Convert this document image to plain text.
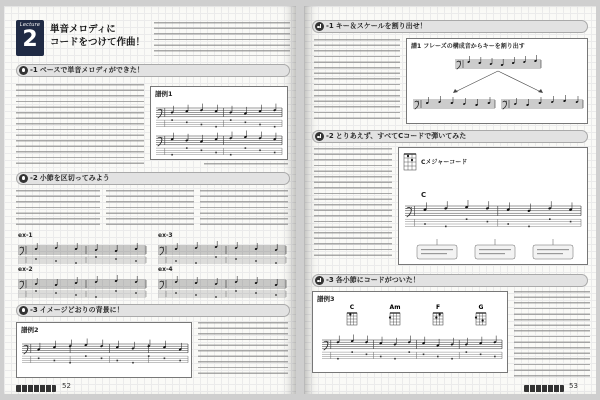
Lecture
2	単音メロディに
コードをつけて作曲！
-1 ベースで単音メロディができた！
譜例1
-2 小節を区切ってみよう
ex-1
ex-2
ex-3
ex-4
-3 イメージどおりの背景に！
譜例2
52
-1 キー＆スケールを割り出せ！
譜1 フレーズの構成音からキーを割り出す
-2 とりあえず、すべてCコードで弾いてみた
Cメジャーコード
C
-3 各小節にコードがついた！
譜例3
C	Am	F	G
53
